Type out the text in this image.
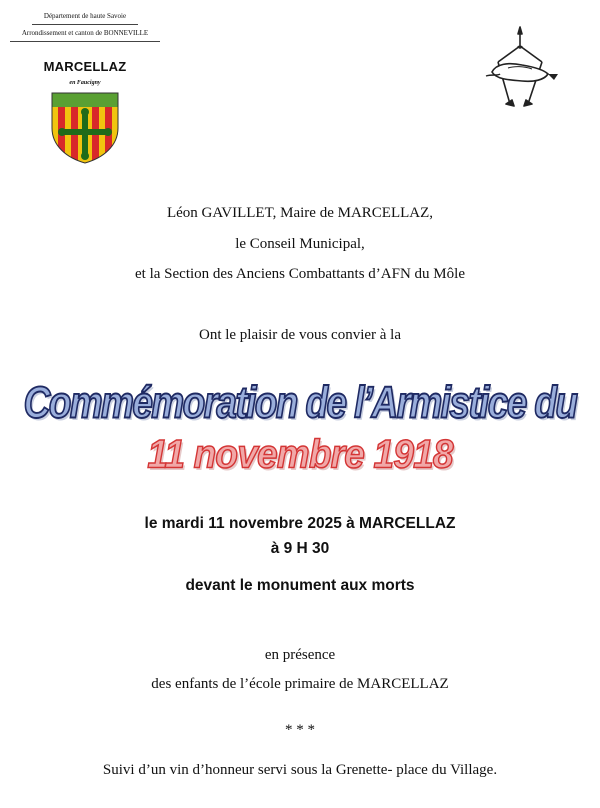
Département de haute Savoie
Arrondissement et canton de BONNEVILLE
MARCELLAZ
en Faucigny
Léon GAVILLET, Maire de MARCELLAZ,
le Conseil Municipal,
et la Section des Anciens Combattants d’AFN du Môle
Ont le plaisir de vous convier à la
Commémoration de l’Armistice du
11 novembre 1918
le mardi 11 novembre 2025 à MARCELLAZ
à 9 H 30
devant le monument aux morts
en présence
des enfants de l’école primaire de MARCELLAZ
* * *
Suivi d’un vin d’honneur servi sous la Grenette- place du Village.
